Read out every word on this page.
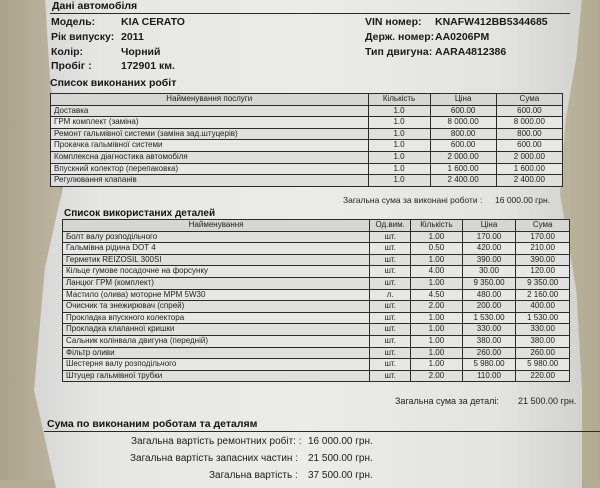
Дані автомобіля
Модель: KIA CERATO
Рік випуску: 2011
Колір:	Чорний
Пробіг :	172901 км.
VIN номер: KNAFW412BB5344685
Держ. номер: AA0206PM
Тип двигуна: AARA4812386
Список виконаних робіт
Найменування послуги	Кількість	Ціна	Сума
Доставка	1.0	600.00	600.00
ГРМ комплект (заміна)	1.0	8 000.00	8 000.00
Ремонт гальмівної системи (заміна зад.штуцерів)	1.0	800.00	800.00
Прокачка гальмівної системи	1.0	600.00	600.00
Комплексна діагностика автомобіля	1.0	2 000.00	2 000.00
Впускний колектор (перепаковка)	1.0	1 600.00	1 600.00
Регулювання клапанів	1.0	2 400.00	2 400.00
Загальна сума за виконані роботи : 16 000.00 грн.
Список використаних деталей
Найменування	Од.вим.	Кількість	Ціна	Сума
Болт валу розподільчого	шт.	1.00	170.00	170.00
Гальмівна рідина DOT 4	шт.	0.50	420.00	210.00
Герметик REIZOSIL 300SI	шт.	1.00	390.00	390.00
Кільце гумове посадочне на форсунку	шт.	4.00	30.00	120.00
Ланцюг ГРМ (комплект)	шт.	1.00	9 350.00	9 350.00
Мастило (олива) моторне MPM 5W30	л.	4.50	480.00	2 160.00
Очисник та знежирювач (спрей)	шт.	2.00	200.00	400.00
Прокладка впускного колектора	шт.	1.00	1 530.00	1 530.00
Прокладка клапанної кришки	шт.	1.00	330.00	330.00
Сальник колінвала двигуна (передній)	шт.	1.00	380.00	380.00
Фільтр оливи	шт.	1.00	260.00	260.00
Шестерня валу розподільчого	шт.	1.00	5 980.00	5 980.00
Штуцер гальмівної трубки	шт.	2.00	110.00	220.00
Загальна сума за деталі: 21 500.00 грн.
Сума по виконаним роботам та деталям
Загальна вартість ремонтних робіт: : 16 000.00 грн.
Загальна вартість запасних частин : 21 500.00 грн.
Загальна вартість : 37 500.00 грн.
